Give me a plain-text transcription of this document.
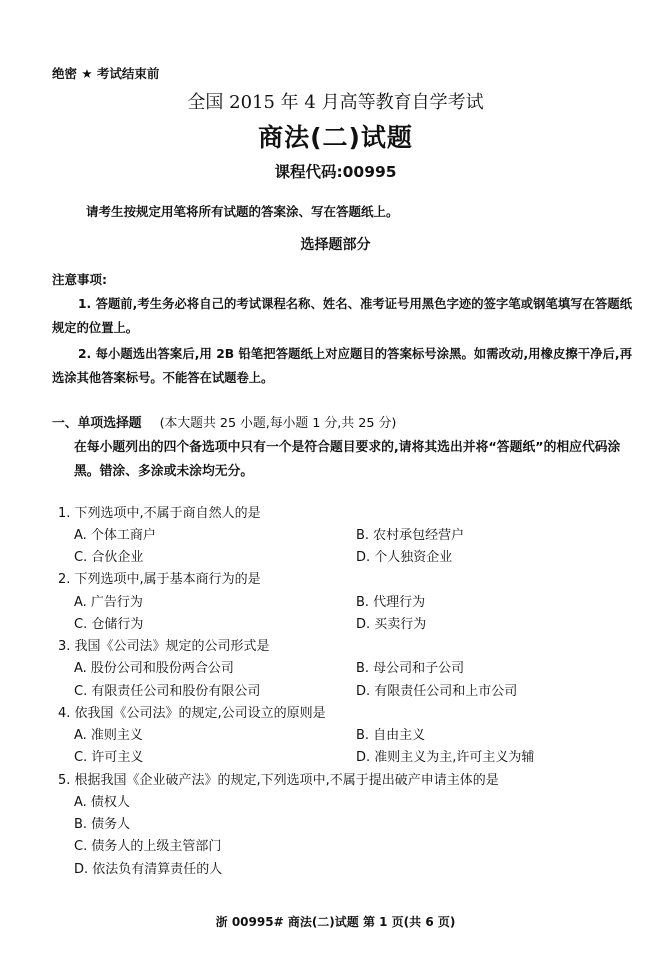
绝密 ★ 考试结束前
全国 2015 年 4 月高等教育自学考试
商法(二)试题
课程代码:00995
请考生按规定用笔将所有试题的答案涂、写在答题纸上。
选择题部分
注意事项:
1. 答题前,考生务必将自己的考试课程名称、姓名、准考证号用黑色字迹的签字笔或钢笔填写在答题纸规定的位置上。
2. 每小题选出答案后,用 2B 铅笔把答题纸上对应题目的答案标号涂黑。如需改动,用橡皮擦干净后,再选涂其他答案标号。不能答在试题卷上。
一、单项选择题 (本大题共 25 小题,每小题 1 分,共 25 分)
在每小题列出的四个备选项中只有一个是符合题目要求的,请将其选出并将“答题纸”的相应代码涂黑。错涂、多涂或未涂均无分。
1. 下列选项中,不属于商自然人的是
A. 个体工商户	B. 农村承包经营户
C. 合伙企业	D. 个人独资企业
2. 下列选项中,属于基本商行为的是
A. 广告行为	B. 代理行为
C. 仓储行为	D. 买卖行为
3. 我国《公司法》规定的公司形式是
A. 股份公司和股份两合公司	B. 母公司和子公司
C. 有限责任公司和股份有限公司	D. 有限责任公司和上市公司
4. 依我国《公司法》的规定,公司设立的原则是
A. 准则主义	B. 自由主义
C. 许可主义	D. 准则主义为主,许可主义为辅
5. 根据我国《企业破产法》的规定,下列选项中,不属于提出破产申请主体的是
A. 债权人
B. 债务人
C. 债务人的上级主管部门
D. 依法负有清算责任的人
浙 00995# 商法(二)试题 第 1 页(共 6 页)
